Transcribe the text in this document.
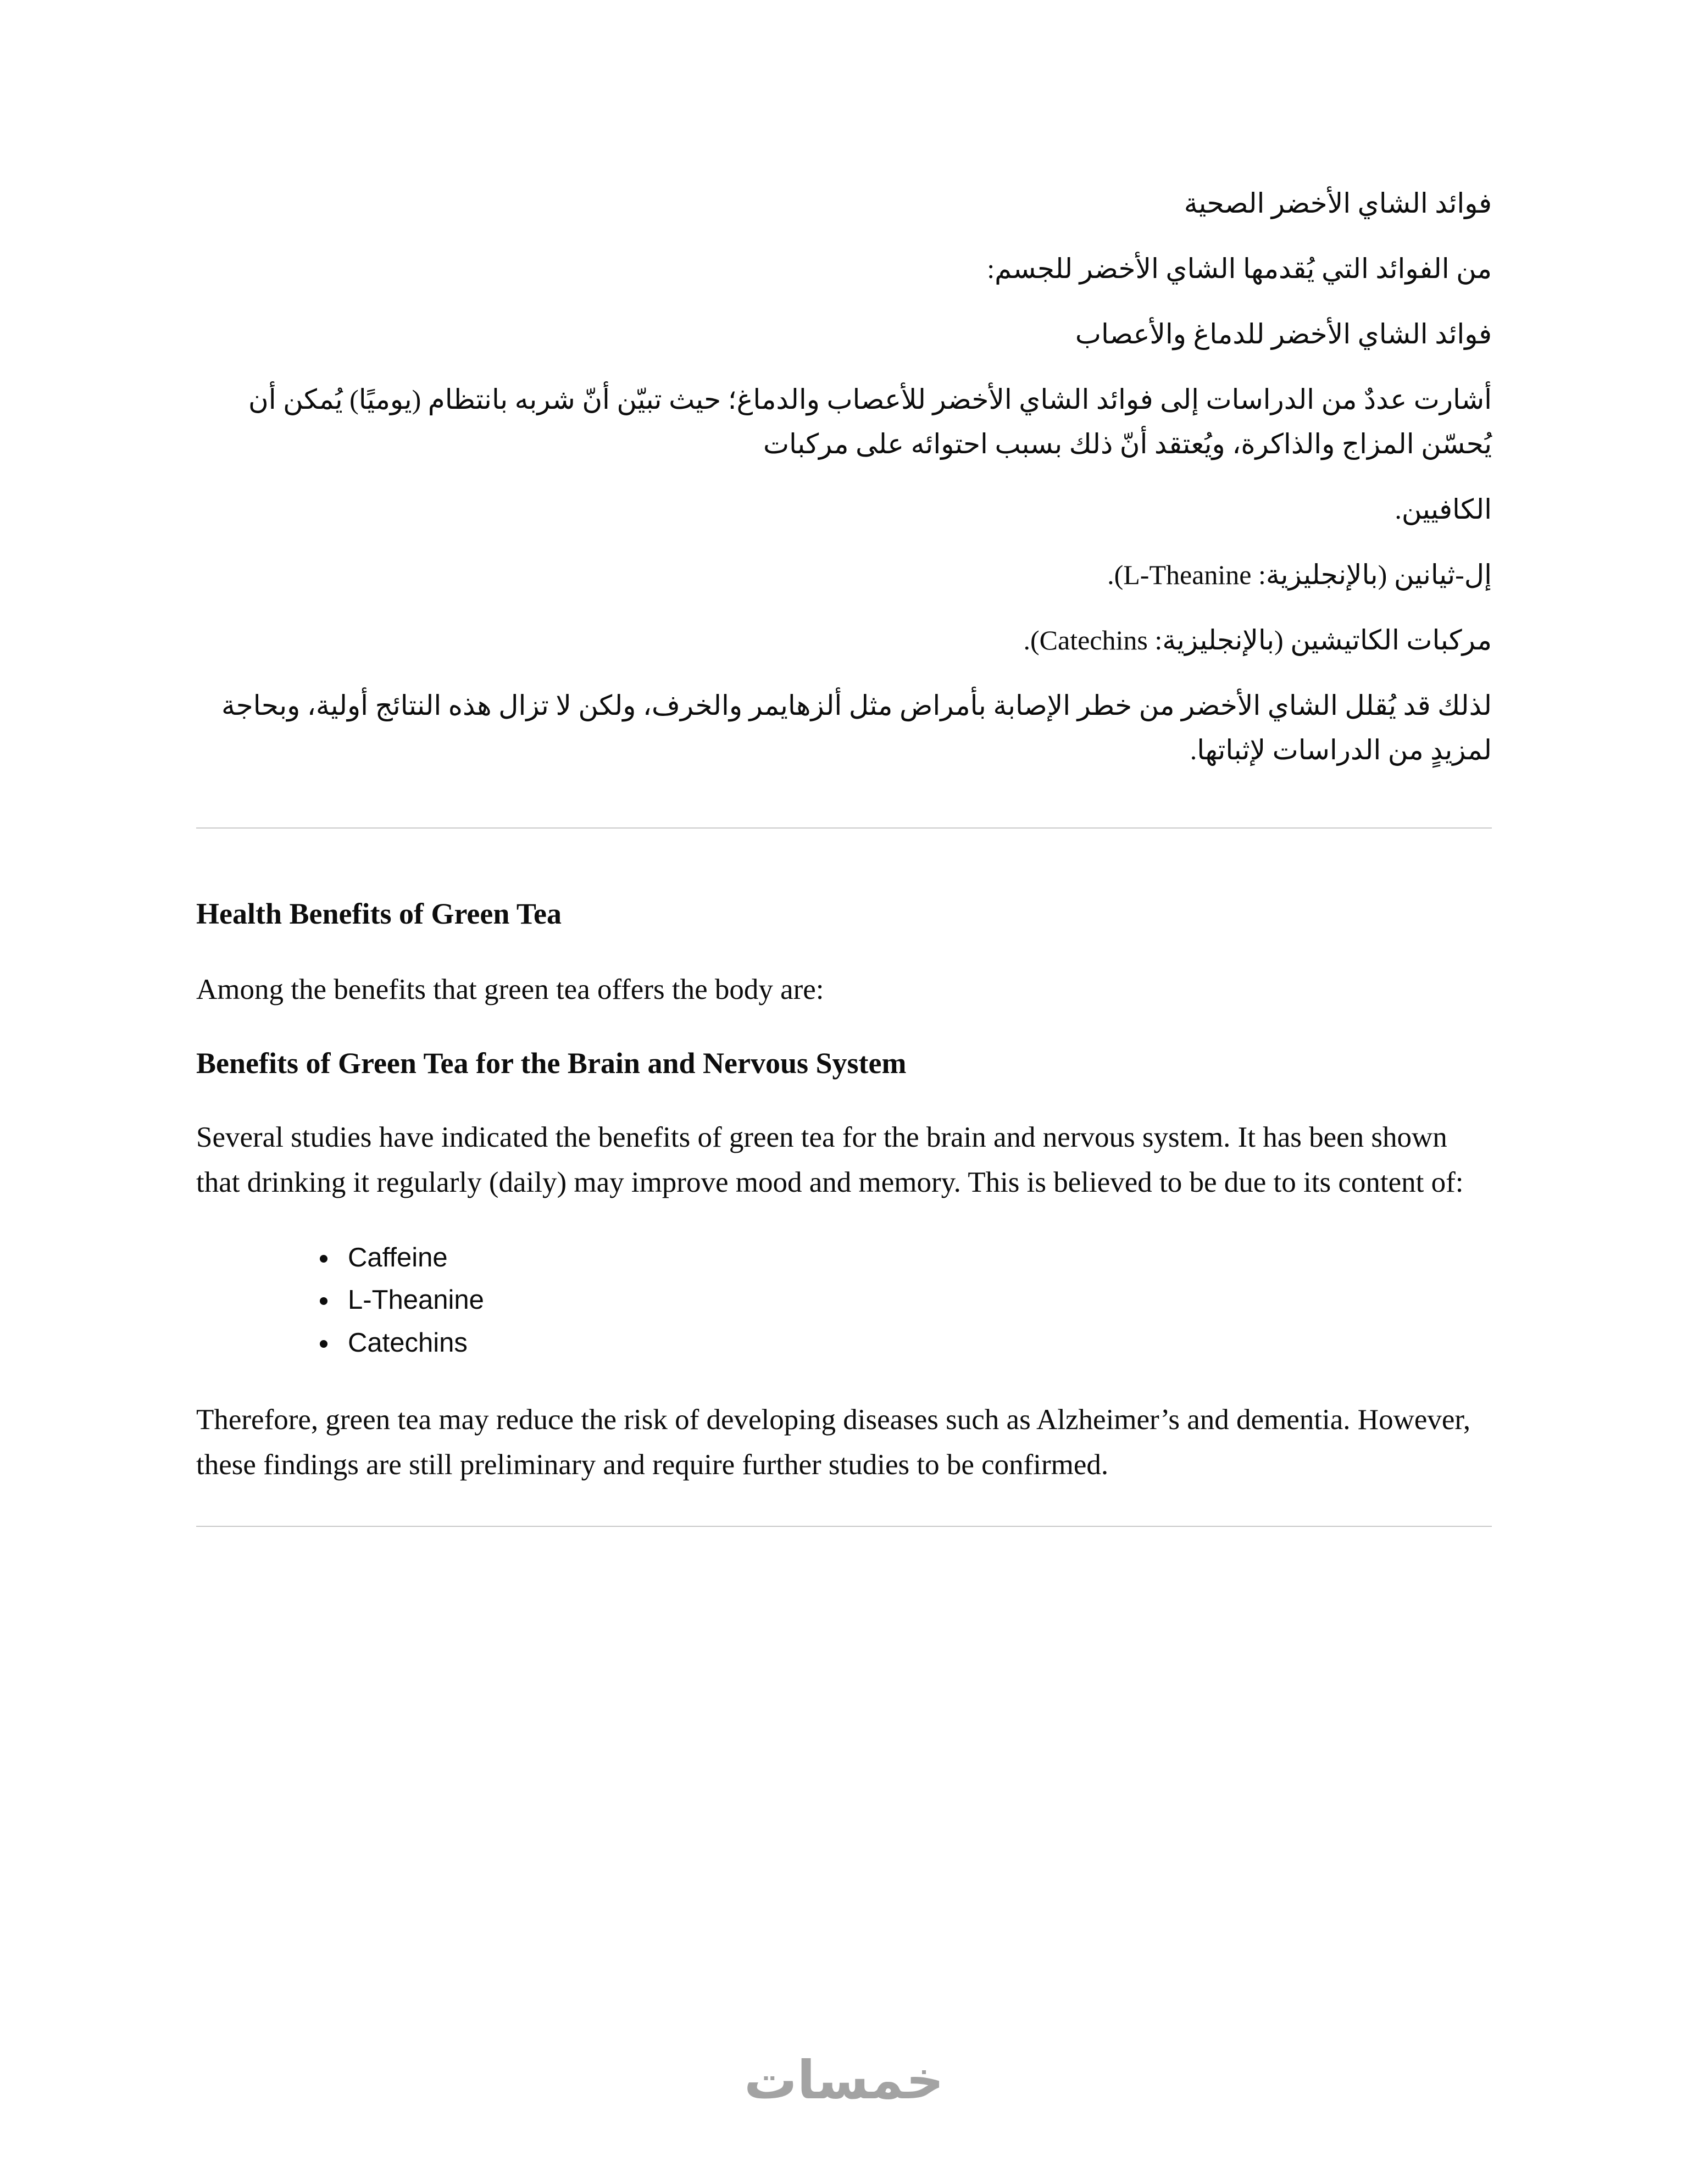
فوائد الشاي الأخضر الصحية

من الفوائد التي يُقدمها الشاي الأخضر للجسم:

فوائد الشاي الأخضر للدماغ والأعصاب

أشارت عددٌ من الدراسات إلى فوائد الشاي الأخضر للأعصاب والدماغ؛ حيث تبيّن أنّ شربه بانتظام (يوميًا) يُمكن أن يُحسّن المزاج والذاكرة، ويُعتقد أنّ ذلك بسبب احتوائه على مركبات

الكافيين.

إل-ثيانين (بالإنجليزية: L-Theanine).

مركبات الكاتيشين (بالإنجليزية: Catechins).

لذلك قد يُقلل الشاي الأخضر من خطر الإصابة بأمراض مثل ألزهايمر والخرف، ولكن لا تزال هذه النتائج أولية، وبحاجة لمزيدٍ من الدراسات لإثباتها.

Health Benefits of Green Tea

Among the benefits that green tea offers the body are:

Benefits of Green Tea for the Brain and Nervous System

Several studies have indicated the benefits of green tea for the brain and nervous system. It has been shown that drinking it regularly (daily) may improve mood and memory. This is believed to be due to its content of:

• Caffeine
• L-Theanine
• Catechins

Therefore, green tea may reduce the risk of developing diseases such as Alzheimer’s and dementia. However, these findings are still preliminary and require further studies to be confirmed.

خمسات
